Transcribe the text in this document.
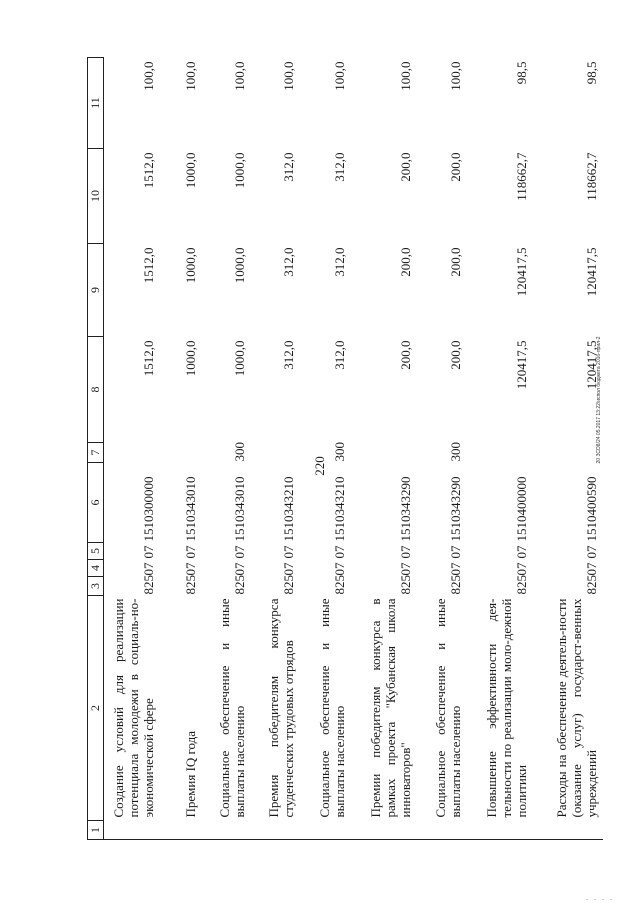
220
20 ЗСО8/24 05.2017 13:22/испол бюджета 2016-прил-2
. . . .
1	2	3	4	5	6	7	8	9	10	11
	Создание условий для реализации потенциала молодежи в социаль-но-экономической сфере	825	07	07	1510300000		1512,0	1512,0	1512,0	100,0
	Премия IQ года	825	07	07	1510343010		1000,0	1000,0	1000,0	100,0
	Социальное обеспечение и иные выплаты населению	825	07	07	1510343010	300	1000,0	1000,0	1000,0	100,0
	Премия победителям конкурса студенческих трудовых отрядов	825	07	07	1510343210		312,0	312,0	312,0	100,0
	Социальное обеспечение и иные выплаты населению	825	07	07	1510343210	300	312,0	312,0	312,0	100,0
	Премии победителям конкурса в рамках проекта "Кубанская школа инноваторов"	825	07	07	1510343290		200,0	200,0	200,0	100,0
	Социальное обеспечение и иные выплаты населению	825	07	07	1510343290	300	200,0	200,0	200,0	100,0
	Повышение эффективности дея-тельности по реализации моло-дежной политики	825	07	07	1510400000		120417,5	120417,5	118662,7	98,5
	Расходы на обеспечение деятель-ности (оказание услуг) государст-венных учреждений	825	07	07	1510400590		120417,5	120417,5	118662,7	98,5
